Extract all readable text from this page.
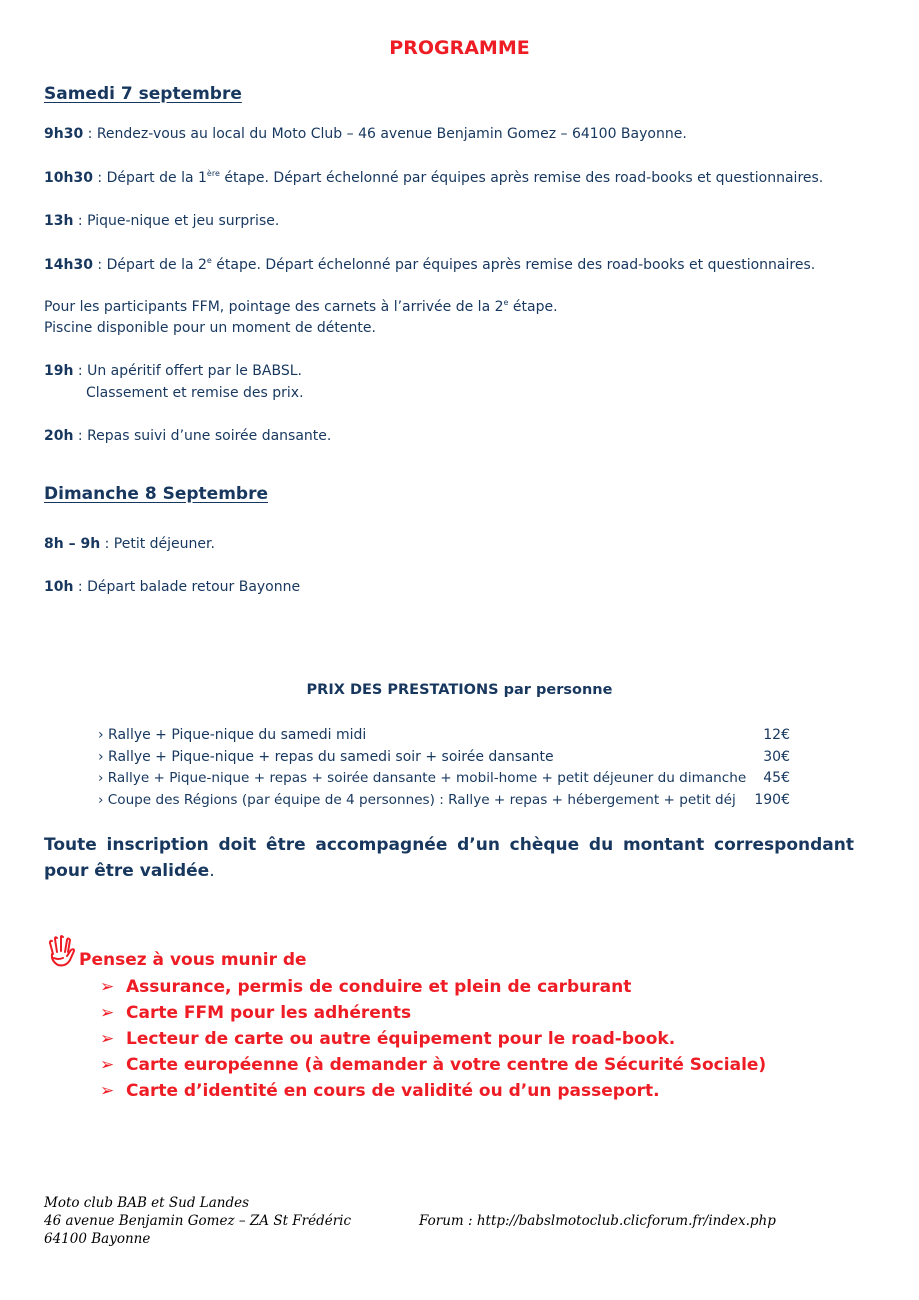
PROGRAMME
Samedi 7 septembre
9h30 : Rendez-vous au local du Moto Club – 46 avenue Benjamin Gomez – 64100 Bayonne.
10h30 : Départ de la 1ère étape. Départ échelonné par équipes après remise des road-books et questionnaires.
13h : Pique-nique et jeu surprise.
14h30 : Départ de la 2e étape. Départ échelonné par équipes après remise des road-books et questionnaires.
Pour les participants FFM, pointage des carnets à l’arrivée de la 2e étape.
Piscine disponible pour un moment de détente.
19h : Un apéritif offert par le BABSL.
Classement et remise des prix.
20h : Repas suivi d’une soirée dansante.
Dimanche 8 Septembre
8h – 9h : Petit déjeuner.
10h : Départ balade retour Bayonne
PRIX DES PRESTATIONS par personne
› Rallye + Pique-nique du samedi midi	12€
› Rallye + Pique-nique + repas du samedi soir + soirée dansante	30€
› Rallye + Pique-nique + repas + soirée dansante + mobil-home + petit déjeuner du dimanche 45€
› Coupe des Régions (par équipe de 4 personnes) : Rallye + repas + hébergement + petit déj 190€
Toute inscription doit être accompagnée d’un chèque du montant correspondant pour être validée.
Pensez à vous munir de
➢ Assurance, permis de conduire et plein de carburant
➢ Carte FFM pour les adhérents
➢ Lecteur de carte ou autre équipement pour le road-book.
➢ Carte européenne (à demander à votre centre de Sécurité Sociale)
➢ Carte d’identité en cours de validité ou d’un passeport.
Moto club BAB et Sud Landes
46 avenue Benjamin Gomez – ZA St Frédéric
64100 Bayonne
Forum : http://babslmotoclub.clicforum.fr/index.php
